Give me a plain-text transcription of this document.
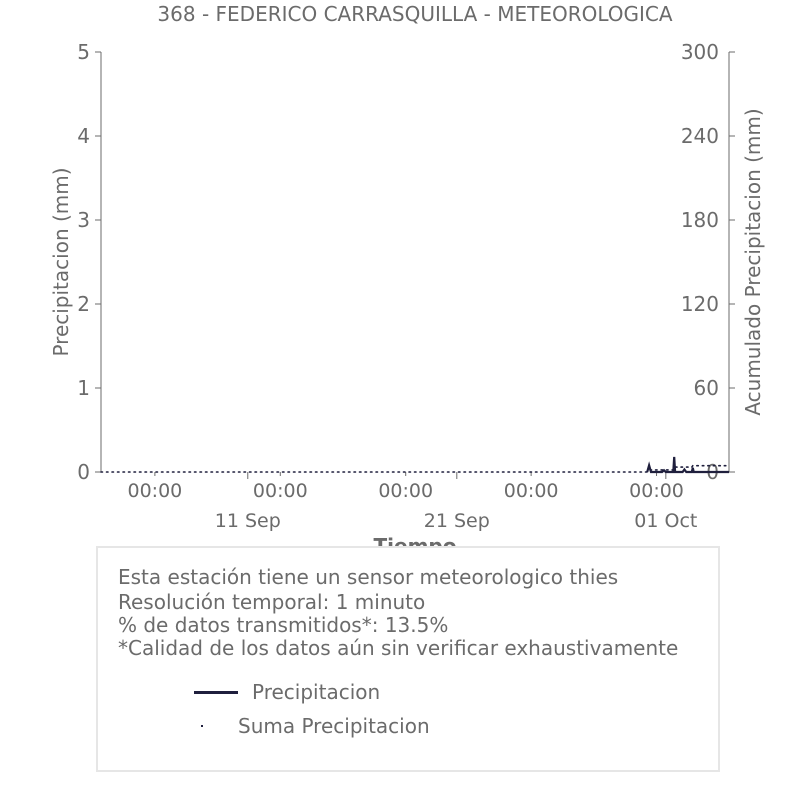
368 - FEDERICO CARRASQUILLA - METEOROLOGICA
Precipitacion (mm)	Acumulado Precipitacion (mm)
0
1
2
3
4
5
0
60
120
180
240
300
00:00	00:00	00:00	00:00	00:00
11 Sep	21 Sep	01 Oct
Esta estación tiene un sensor meteorologico thies
Resolución temporal: 1 minuto
% de datos transmitidos*: 13.5%
*Calidad de los datos aún sin verificar exhaustivamente
Precipitacion
Suma Precipitacion
